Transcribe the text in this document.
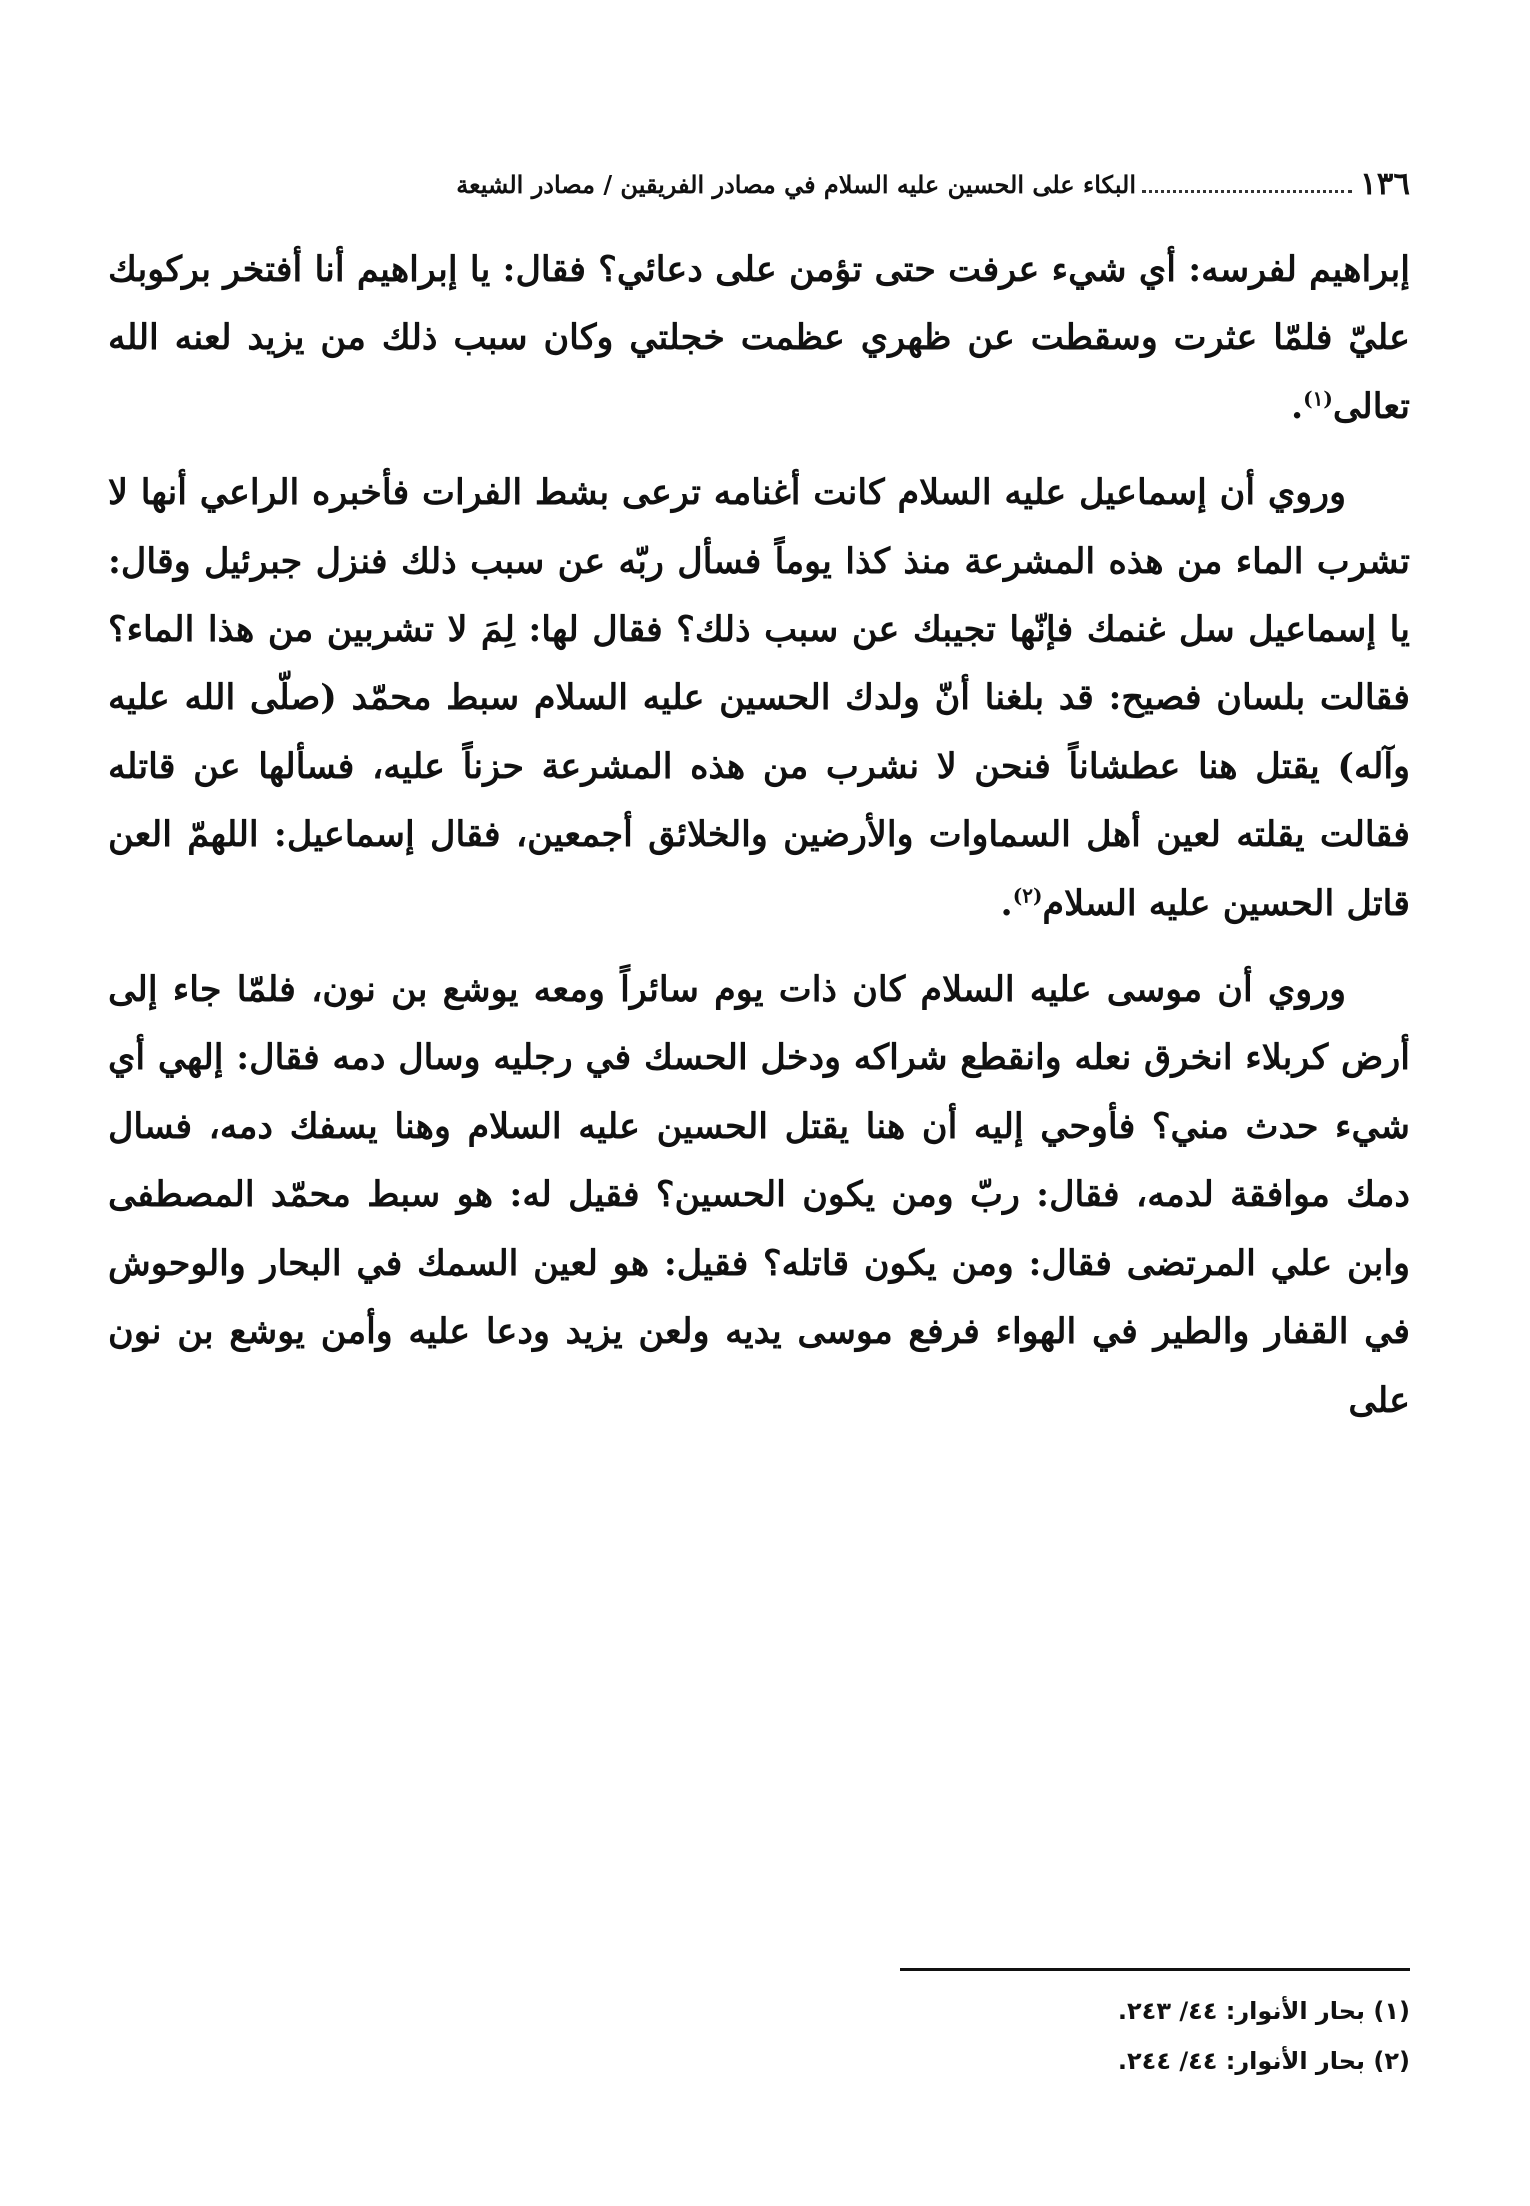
١٣٦
البكاء على الحسين عليه السلام في مصادر الفريقين / مصادر الشيعة

إبراهيم لفرسه: أي شيء عرفت حتى تؤمن على دعائي؟ فقال: يا إبراهيم أنا أفتخر بركوبك عليّ فلمّا عثرت وسقطت عن ظهري عظمت خجلتي وكان سبب ذلك من يزيد لعنه الله تعالى$^{(١)}$.

وروي أن إسماعيل عليه السلام كانت أغنامه ترعى بشط الفرات فأخبره الراعي أنها لا تشرب الماء من هذه المشرعة منذ كذا يوماً فسأل ربّه عن سبب ذلك فنزل جبرئيل وقال: يا إسماعيل سل غنمك فإنّها تجيبك عن سبب ذلك؟ فقال لها: لِمَ لا تشربين من هذا الماء؟ فقالت بلسان فصيح: قد بلغنا أنّ ولدك الحسين عليه السلام سبط محمّد (صلّى الله عليه وآله) يقتل هنا عطشاناً فنحن لا نشرب من هذه المشرعة حزناً عليه، فسألها عن قاتله فقالت يقلته لعين أهل السماوات والأرضين والخلائق أجمعين، فقال إسماعيل: اللهمّ العن قاتل الحسين عليه السلام$^{(٢)}$.

وروي أن موسى عليه السلام كان ذات يوم سائراً ومعه يوشع بن نون، فلمّا جاء إلى أرض كربلاء انخرق نعله وانقطع شراكه ودخل الحسك في رجليه وسال دمه فقال: إلهي أي شيء حدث مني؟ فأوحي إليه أن هنا يقتل الحسين عليه السلام وهنا يسفك دمه، فسال دمك موافقة لدمه، فقال: ربّ ومن يكون الحسين؟ فقيل له: هو سبط محمّد المصطفى وابن علي المرتضى فقال: ومن يكون قاتله؟ فقيل: هو لعين السمك في البحار والوحوش في القفار والطير في الهواء فرفع موسى يديه ولعن يزيد ودعا عليه وأمن يوشع بن نون على

(١) بحار الأنوار: ٤٤/ ٢٤٣.
(٢) بحار الأنوار: ٤٤/ ٢٤٤.
